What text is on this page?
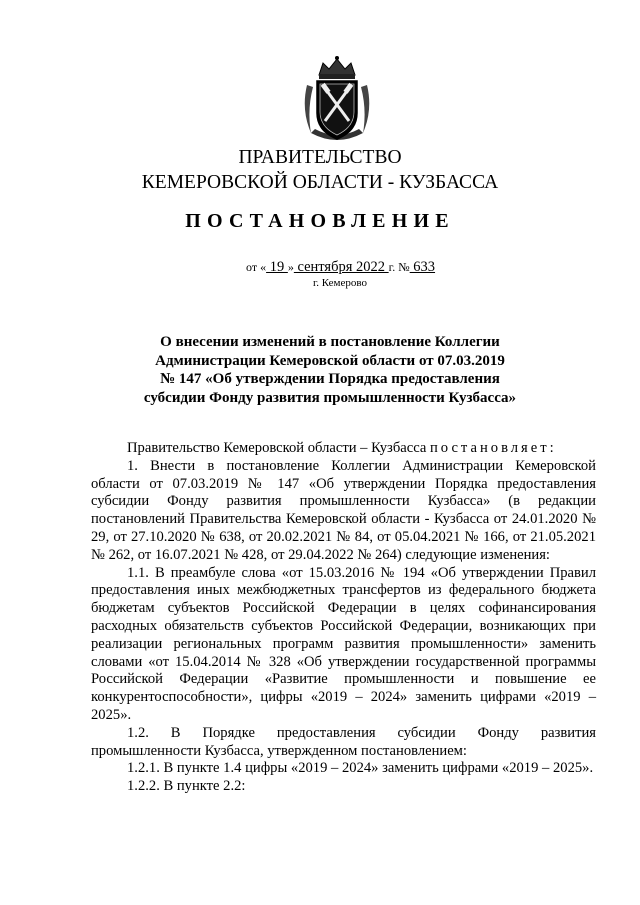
ПРАВИТЕЛЬСТВО
КЕМЕРОВСКОЙ ОБЛАСТИ - КУЗБАССА
ПОСТАНОВЛЕНИЕ
от « 19 » сентября 2022 г. № 633
г. Кемерово
О внесении изменений в постановление Коллегии
Администрации Кемеровской области от 07.03.2019
№ 147 «Об утверждении Порядка предоставления
субсидии Фонду развития промышленности Кузбасса»

Правительство Кемеровской области – Кузбасса постановляет:

1. Внести в постановление Коллегии Администрации Кемеровской области от 07.03.2019 № 147 «Об утверждении Порядка предоставления субсидии Фонду развития промышленности Кузбасса» (в редакции постановлений Правительства Кемеровской области - Кузбасса от 24.01.2020 № 29, от 27.10.2020 № 638, от 20.02.2021 № 84, от 05.04.2021 № 166, от 21.05.2021 № 262, от 16.07.2021 № 428, от 29.04.2022 № 264) следующие изменения:

1.1. В преамбуле слова «от 15.03.2016 № 194 «Об утверждении Правил предоставления иных межбюджетных трансфертов из федерального бюджета бюджетам субъектов Российской Федерации в целях софинансирования расходных обязательств субъектов Российской Федерации, возникающих при реализации региональных программ развития промышленности» заменить словами «от 15.04.2014 № 328 «Об утверждении государственной программы Российской Федерации «Развитие промышленности и повышение ее конкурентоспособности», цифры «2019 – 2024» заменить цифрами «2019 – 2025».

1.2. В Порядке предоставления субсидии Фонду развития промышленности Кузбасса, утвержденном постановлением:

1.2.1. В пункте 1.4 цифры «2019 – 2024» заменить цифрами «2019 – 2025».

1.2.2. В пункте 2.2:
